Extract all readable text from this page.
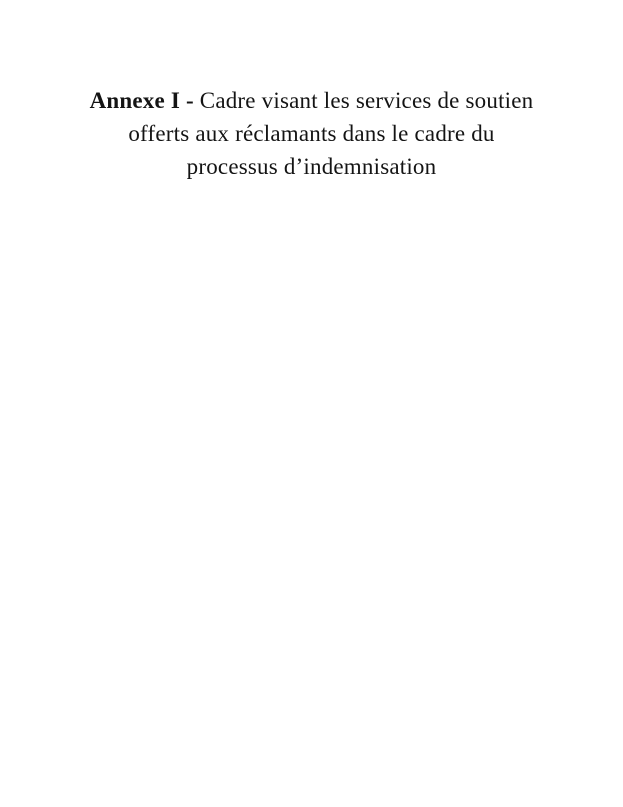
Annexe I - Cadre visant les services de soutien offerts aux réclamants dans le cadre du processus d’indemnisation
